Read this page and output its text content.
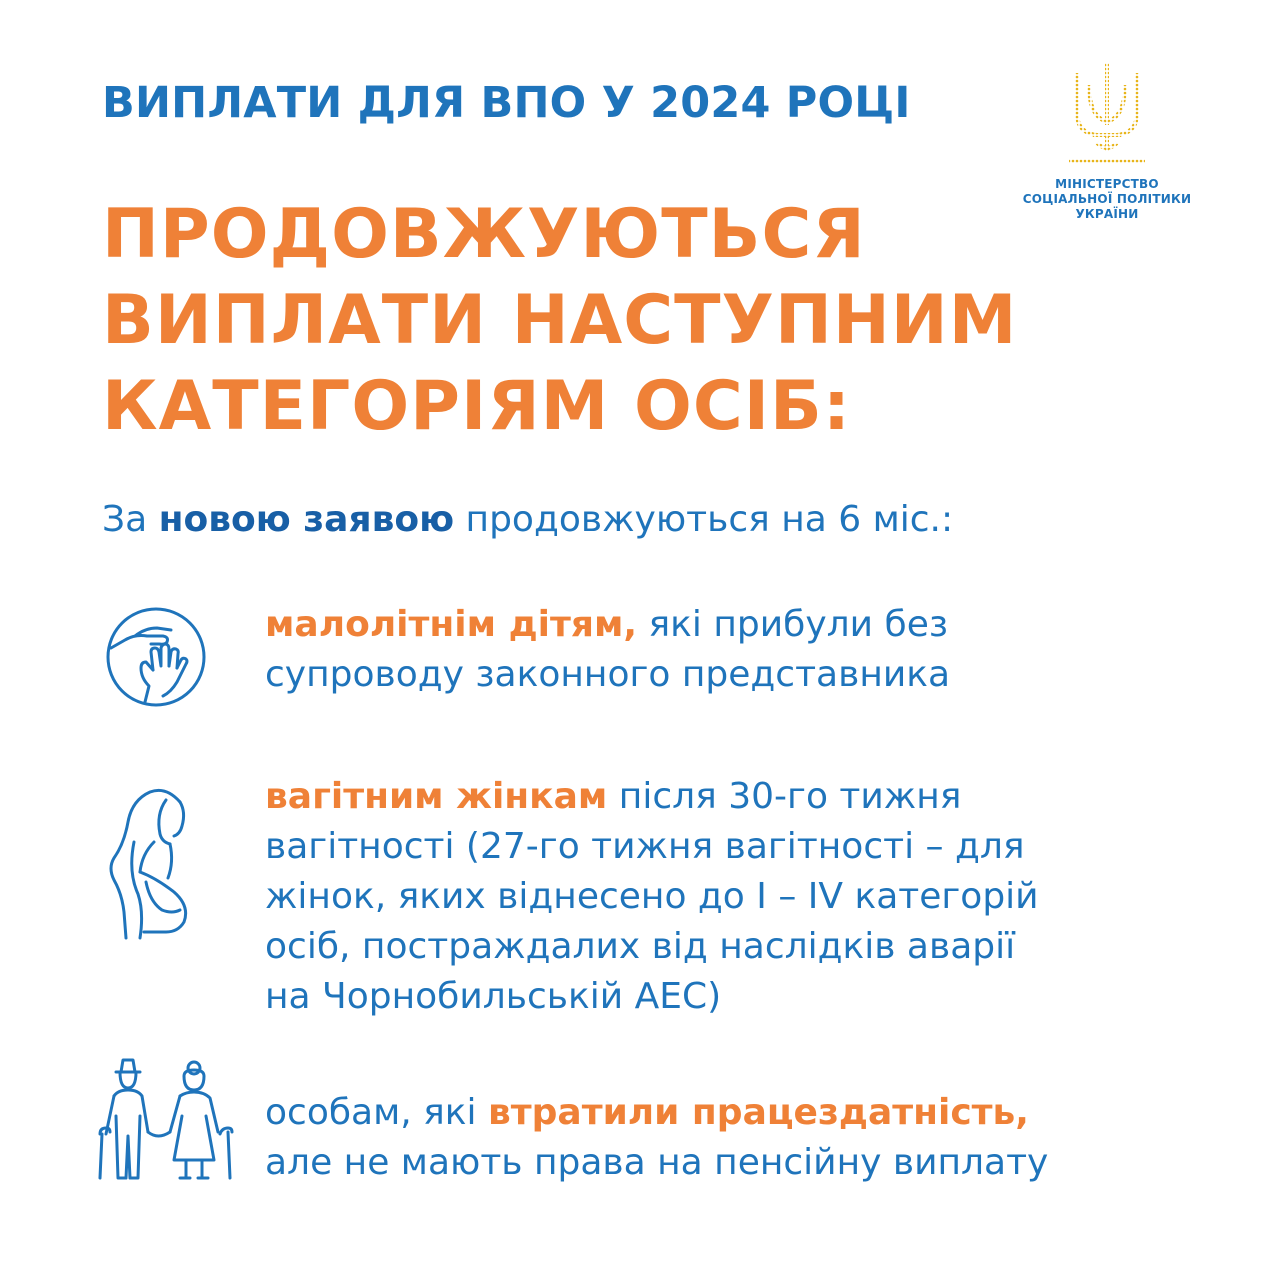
ВИПЛАТИ ДЛЯ ВПО У 2024 РОЦІ
МІНІСТЕРСТВО
СОЦІАЛЬНОЇ ПОЛІТИКИ
УКРАЇНИ
ПРОДОВЖУЮТЬСЯ
ВИПЛАТИ НАСТУПНИМ
КАТЕГОРІЯМ ОСІБ:
За новою заявою продовжуються на 6 міс.:
малолітнім дітям, які прибули без
супроводу законного представника
вагітним жінкам після 30-го тижня
вагітності (27-го тижня вагітності – для
жінок, яких віднесено до І – IV категорій
осіб, постраждалих від наслідків аварії
на Чорнобильській АЕС)
особам, які втратили працездатність,
але не мають права на пенсійну виплату
